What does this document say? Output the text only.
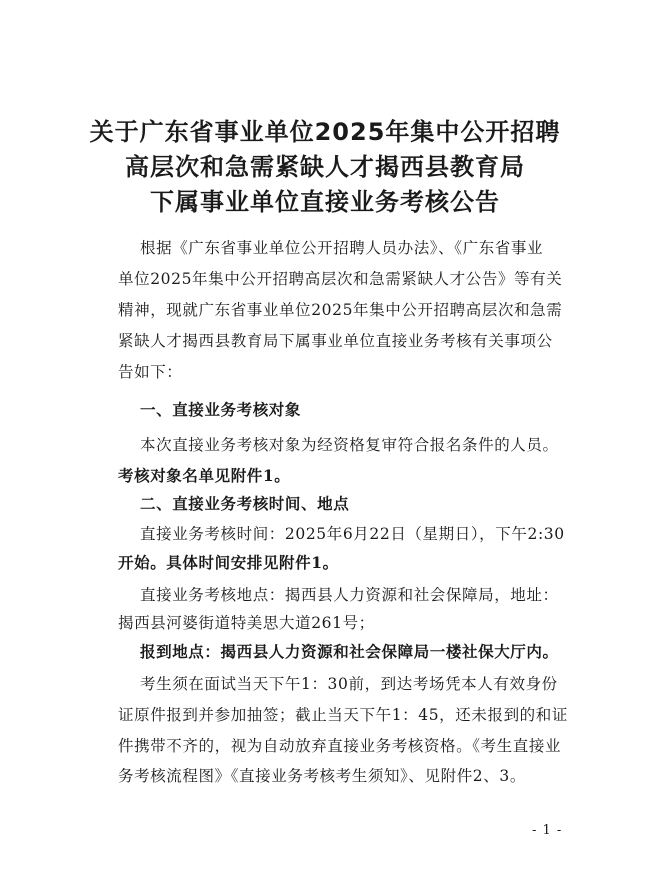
关于广东省事业单位2025年集中公开招聘
高层次和急需紧缺人才揭西县教育局
下属事业单位直接业务考核公告
根据《广东省事业单位公开招聘人员办法》、《广东省事业
单位2025年集中公开招聘高层次和急需紧缺人才公告》等有关
精神，现就广东省事业单位2025年集中公开招聘高层次和急需
紧缺人才揭西县教育局下属事业单位直接业务考核有关事项公
告如下：
一、直接业务考核对象
本次直接业务考核对象为经资格复审符合报名条件的人员。
考核对象名单见附件1。
二、直接业务考核时间、地点
直接业务考核时间：2025年6月22日（星期日），下午2:30
开始。具体时间安排见附件1。
直接业务考核地点：揭西县人力资源和社会保障局，地址：
揭西县河婆街道特美思大道261号；
报到地点：揭西县人力资源和社会保障局一楼社保大厅内。
考生须在面试当天下午1：30前，到达考场凭本人有效身份
证原件报到并参加抽签；截止当天下午1：45，还未报到的和证
件携带不齐的，视为自动放弃直接业务考核资格。《考生直接业
务考核流程图》《直接业务考核考生须知》、见附件2、3。
- 1 -
